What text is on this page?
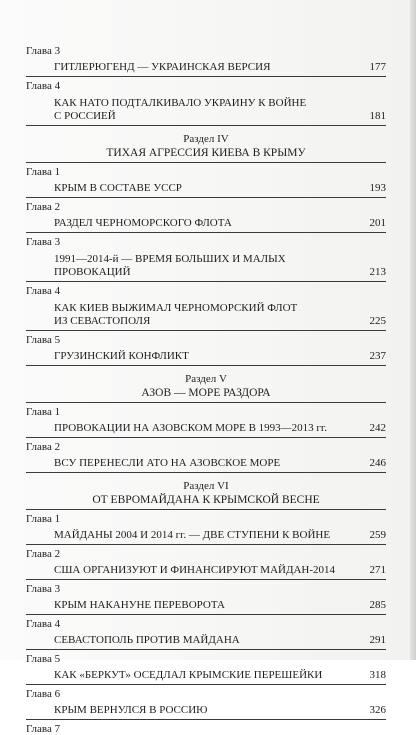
Глава 3
ГИТЛЕРЮГЕНД — УКРАИНСКАЯ ВЕРСИЯ	177
Глава 4
КАК НАТО ПОДТАЛКИВАЛО УКРАИНУ К ВОЙНЕ
С РОССИЕЙ	181
Раздел IV
ТИХАЯ АГРЕССИЯ КИЕВА В КРЫМУ
Глава 1
КРЫМ В СОСТАВЕ УССР	193
Глава 2
РАЗДЕЛ ЧЕРНОМОРСКОГО ФЛОТА	201
Глава 3
1991—2014-й — ВРЕМЯ БОЛЬШИХ И МАЛЫХ
ПРОВОКАЦИЙ	213
Глава 4
КАК КИЕВ ВЫЖИМАЛ ЧЕРНОМОРСКИЙ ФЛОТ
ИЗ СЕВАСТОПОЛЯ	225
Глава 5
ГРУЗИНСКИЙ КОНФЛИКТ	237
Раздел V
АЗОВ — МОРЕ РАЗДОРА
Глава 1
ПРОВОКАЦИИ НА АЗОВСКОМ МОРЕ В 1993—2013 гг.	242
Глава 2
ВСУ ПЕРЕНЕСЛИ АТО НА АЗОВСКОЕ МОРЕ	246
Раздел VI
ОТ ЕВРОМАЙДАНА К КРЫМСКОЙ ВЕСНЕ
Глава 1
МАЙДАНЫ 2004 И 2014 гг. — ДВЕ СТУПЕНИ К ВОЙНЕ	259
Глава 2
США ОРГАНИЗУЮТ И ФИНАНСИРУЮТ МАЙДАН-2014	271
Глава 3
КРЫМ НАКАНУНЕ ПЕРЕВОРОТА	285
Глава 4
СЕВАСТОПОЛЬ ПРОТИВ МАЙДАНА	291
Глава 5
КАК «БЕРКУТ» ОСЕДЛАЛ КРЫМСКИЕ ПЕРЕШЕЙКИ	318
Глава 6
КРЫМ ВЕРНУЛСЯ В РОССИЮ	326
Глава 7
